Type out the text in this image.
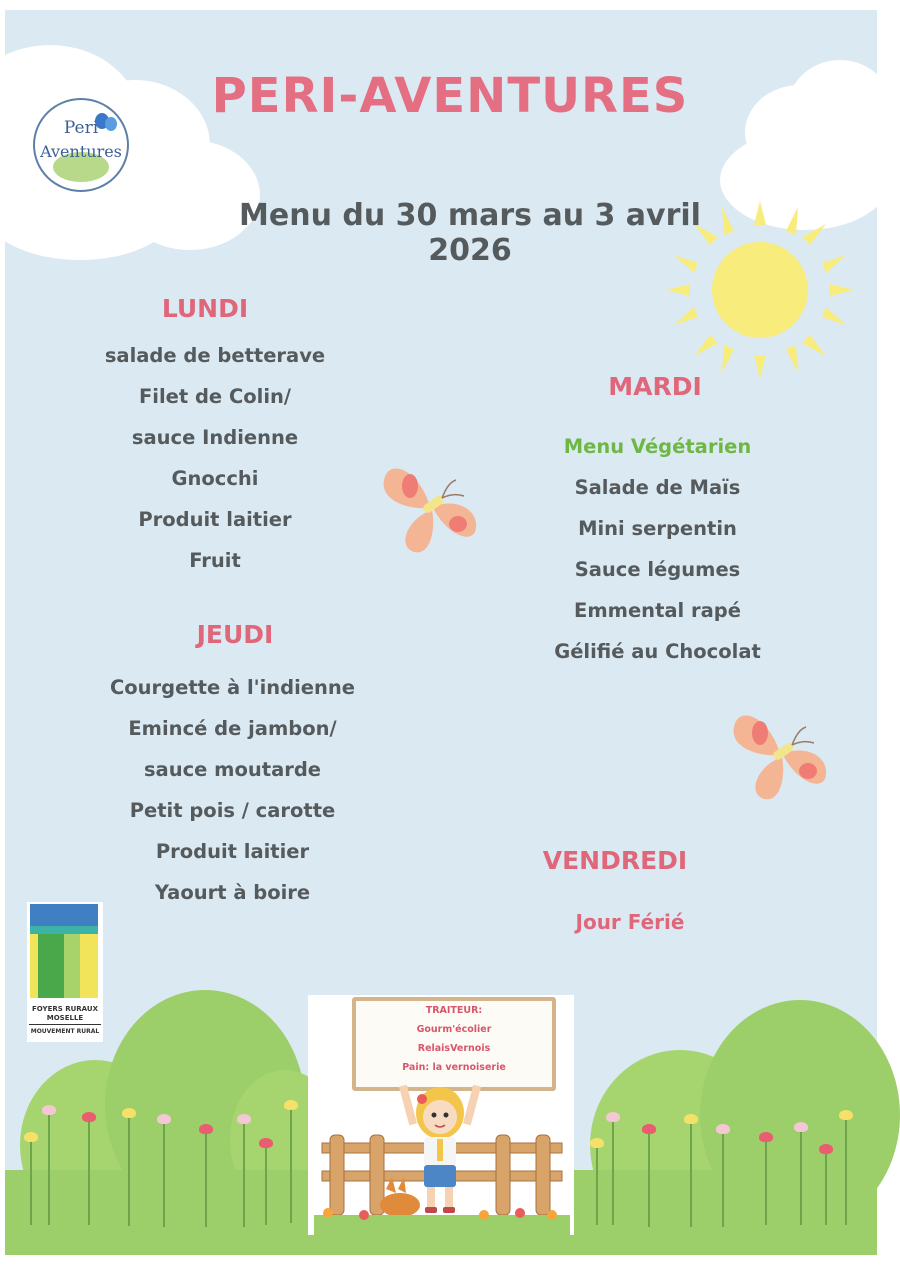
Peri
Aventures
PERI-AVENTURES
Menu du 30 mars au 3 avril 2026
LUNDI
salade de betterave
Filet de Colin/
sauce Indienne
Gnocchi
Produit laitier
Fruit
MARDI
Menu Végétarien
Salade de Maïs
Mini serpentin
Sauce légumes
Emmental rapé
Gélifié au Chocolat
JEUDI
Courgette à l'indienne
Emincé de jambon/
sauce moutarde
Petit pois / carotte
Produit laitier
Yaourt à boire
VENDREDI

Jour Férié

FOYERS RURAUX
MOSELLE
MOUVEMENT RURAL

TRAITEUR:

Gourm'écolier

RelaisVernois

Pain: la vernoiserie
